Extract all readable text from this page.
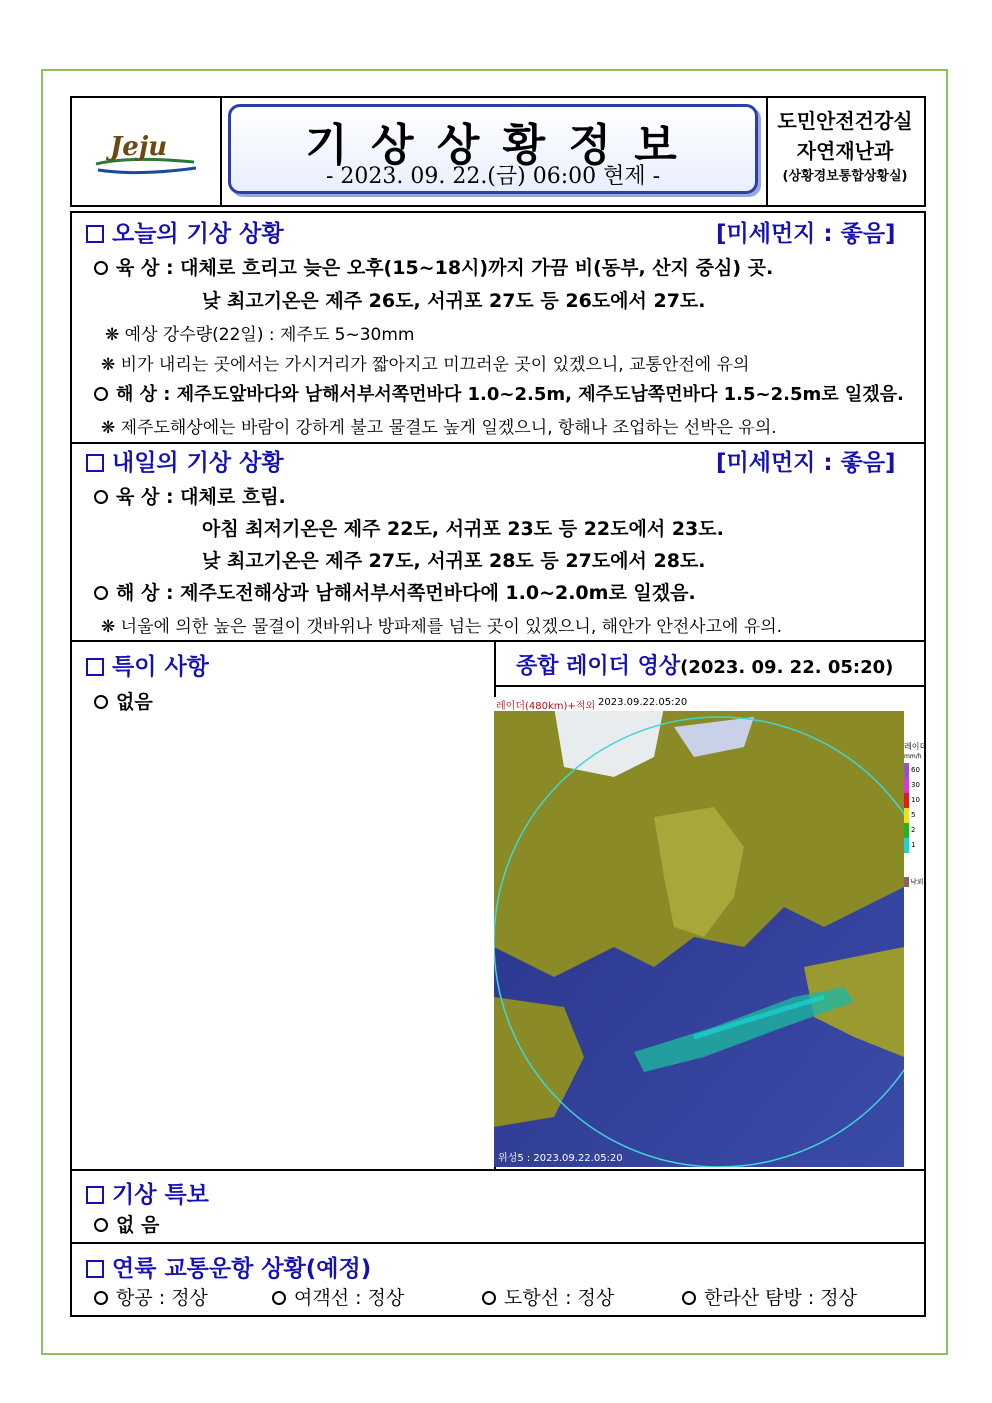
Jeju	기 상 상 황 정 보
- 2023. 09. 22.(금) 06:00 현제 -
도민안전건강실
자연재난과
(상황경보통합상황실)
오늘의 기상 상황	[미세먼지 : 좋음]
육 상 : 대체로 흐리고 늦은 오후(15~18시)까지 가끔 비(동부, 산지 중심) 곳.
낮 최고기온은 제주 26도, 서귀포 27도 등 26도에서 27도.
❋ 예상 강수량(22일) : 제주도 5~30mm
❋ 비가 내리는 곳에서는 가시거리가 짧아지고 미끄러운 곳이 있겠으니, 교통안전에 유의
해 상 : 제주도앞바다와 남해서부서쪽먼바다 1.0~2.5m, 제주도남쪽먼바다 1.5~2.5m로 일겠음.
❋ 제주도해상에는 바람이 강하게 불고 물결도 높게 일겠으니, 항해나 조업하는 선박은 유의.
내일의 기상 상황	[미세먼지 : 좋음]
육 상 : 대체로 흐림.
아침 최저기온은 제주 22도, 서귀포 23도 등 22도에서 23도.
낮 최고기온은 제주 27도, 서귀포 28도 등 27도에서 28도.
해 상 : 제주도전해상과 남해서부서쪽먼바다에 1.0~2.0m로 일겠음.
❋ 너울에 의한 높은 물결이 갯바위나 방파제를 넘는 곳이 있겠으니, 해안가 안전사고에 유의.
특이 사항
없음
종합 레이더 영상(2023. 09. 22. 05:20)
레이더(480km)+적외 2023.09.22.05:20
위성5 : 2023.09.22.05:20
레이더
mm/h
60
30
10
5
2
1
낙뢰
기상 특보
없 음
연륙 교통운항 상황(예정)
항공 : 정상	여객선 : 정상	도항선 : 정상	한라산 탐방 : 정상
